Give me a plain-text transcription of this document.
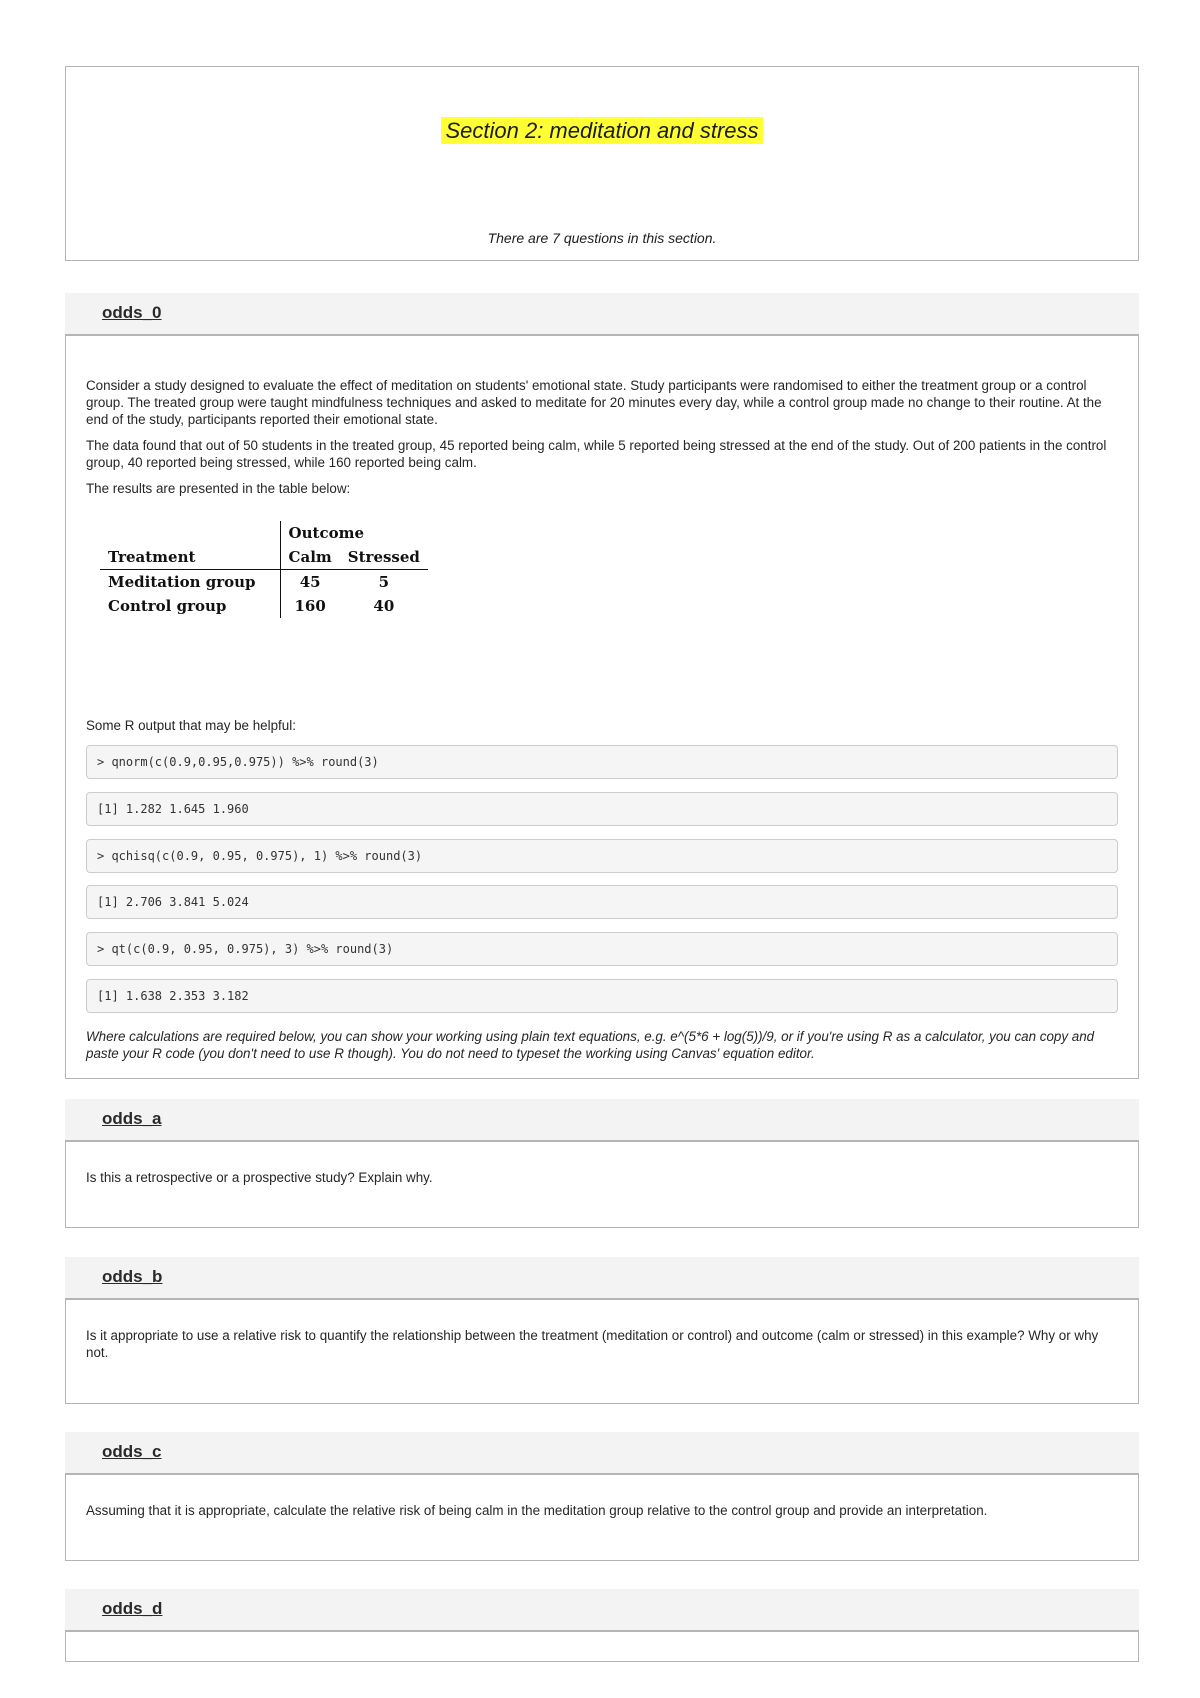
Section 2: meditation and stress
There are 7 questions in this section.
odds_0

Consider a study designed to evaluate the effect of meditation on students' emotional state. Study participants were randomised to either the treatment group or a control group. The treated group were taught mindfulness techniques and asked to meditate for 20 minutes every day, while a control group made no change to their routine. At the end of the study, participants reported their emotional state.

The data found that out of 50 students in the treated group, 45 reported being calm, while 5 reported being stressed at the end of the study. Out of 200 patients in the control group, 40 reported being stressed, while 160 reported being calm.

The results are presented in the table below:

		Outcome	
Treatment		Calm	Stressed
Meditation group		45	5
Control group		160	40

Some R output that may be helpful:

> qnorm(c(0.9,0.95,0.975)) %>% round(3)
[1] 1.282 1.645 1.960
> qchisq(c(0.9, 0.95, 0.975), 1) %>% round(3)
[1] 2.706 3.841 5.024
> qt(c(0.9, 0.95, 0.975), 3) %>% round(3)
[1] 1.638 2.353 3.182

Where calculations are required below, you can show your working using plain text equations, e.g. e^(5*6 + log(5))/9, or if you're using R as a calculator, you can copy and paste your R code (you don't need to use R though). You do not need to typeset the working using Canvas' equation editor.

odds_a

Is this a retrospective or a prospective study? Explain why.

odds_b

Is it appropriate to use a relative risk to quantify the relationship between the treatment (meditation or control) and outcome (calm or stressed) in this example? Why or why not.

odds_c

Assuming that it is appropriate, calculate the relative risk of being calm in the meditation group relative to the control group and provide an interpretation.

odds_d
